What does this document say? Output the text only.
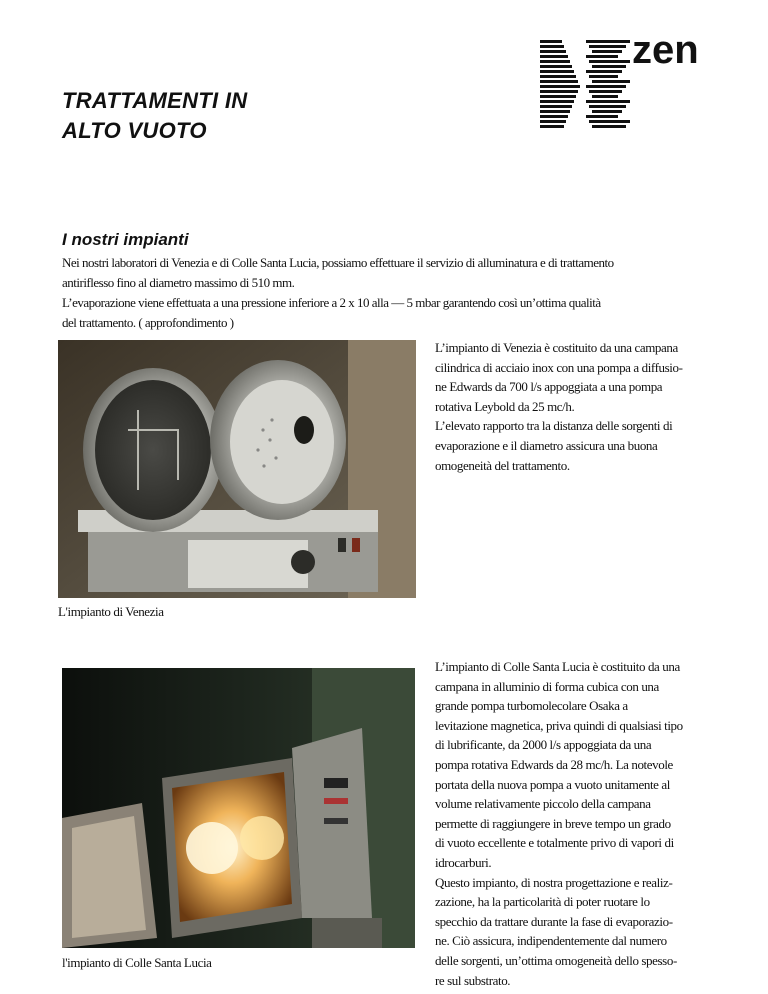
zen
TRATTAMENTI IN
ALTO VUOTO
I nostri impianti

Nei nostri laboratori di Venezia e di Colle Santa Lucia, possiamo effettuare il servizio di alluminatura e di trattamento

antiriflesso fino al diametro massimo di 510 mm.

L’evaporazione viene effettuata a una pressione inferiore a 2 x 10 alla — 5 mbar garantendo così un’ottima qualità

del trattamento. ( approfondimento )

L'impianto di Venezia

L’impianto di Venezia è costituito da una campana

cilindrica di acciaio inox con una pompa a diffusio-

ne Edwards da 700 l/s appoggiata a una pompa

rotativa Leybold da 25 mc/h.

L’elevato rapporto tra la distanza delle sorgenti di

evaporazione e il diametro assicura una buona

omogeneità del trattamento.

l'impianto di Colle Santa Lucia

L’impianto di Colle Santa Lucia è costituito da una

campana in alluminio di forma cubica con una

grande pompa turbomolecolare Osaka a

levitazione magnetica, priva quindi di qualsiasi tipo

di lubrificante, da 2000 l/s appoggiata da una

pompa rotativa Edwards da 28 mc/h. La notevole

portata della nuova pompa a vuoto unitamente al

volume relativamente piccolo della campana

permette di raggiungere in breve tempo un grado

di vuoto eccellente e totalmente privo di vapori di

idrocarburi.

Questo impianto, di nostra progettazione e realiz-

zazione, ha la particolarità di poter ruotare lo

specchio da trattare durante la fase di evaporazio-

ne. Ciò assicura, indipendentemente dal numero

delle sorgenti, un’ottima omogeneità dello spesso-

re sul substrato.
